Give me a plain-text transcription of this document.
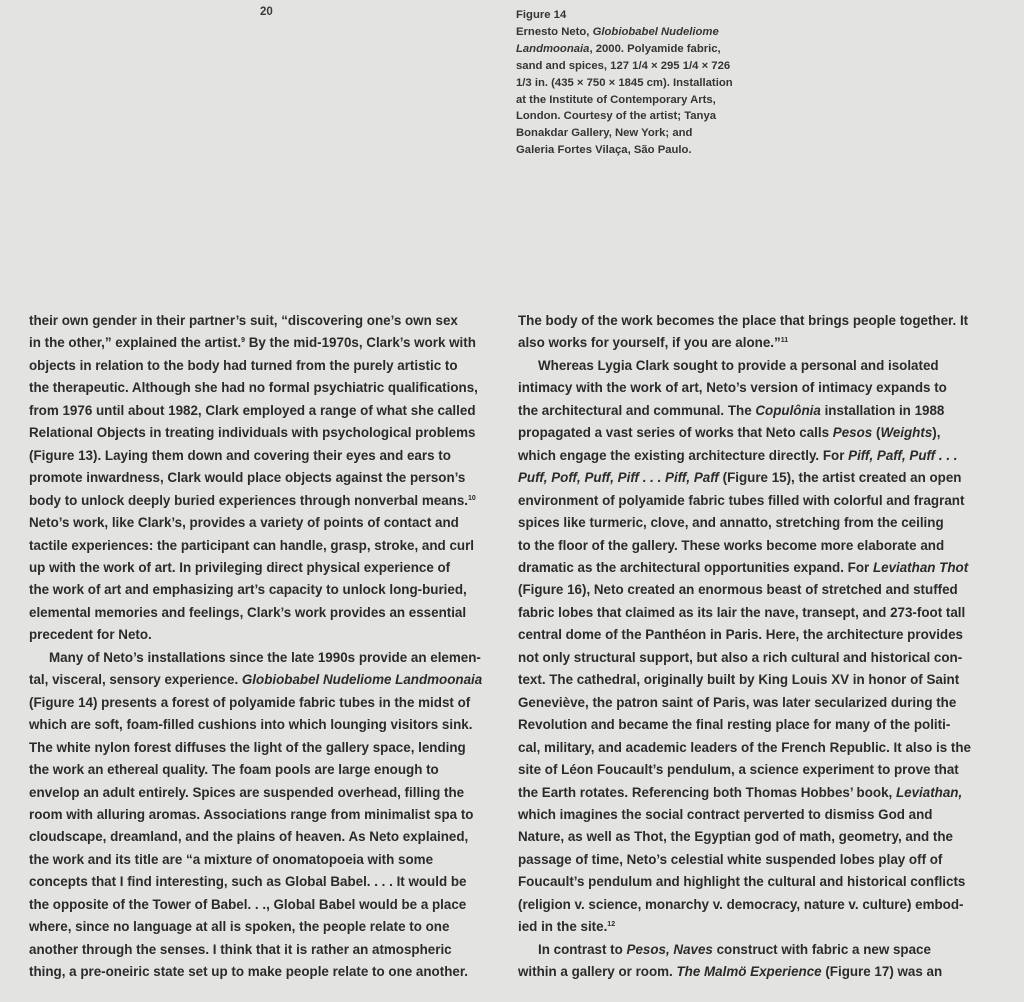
20	Figure 14
Ernesto Neto, Globiobabel Nudeliome
Landmoonaia, 2000. Polyamide fabric,
sand and spices, 127 1/4 × 295 1/4 × 726
1/3 in. (435 × 750 × 1845 cm). Installation
at the Institute of Contemporary Arts,
London. Courtesy of the artist; Tanya
Bonakdar Gallery, New York; and
Galeria Fortes Vilaça, São Paulo.
their own gender in their partner’s suit, “discovering one’s own sex
in the other,” explained the artist.$^9$ By the mid-1970s, Clark’s work with
objects in relation to the body had turned from the purely artistic to
the therapeutic. Although she had no formal psychiatric qualifications,
from 1976 until about 1982, Clark employed a range of what she called
Relational Objects in treating individuals with psychological problems
(Figure 13). Laying them down and covering their eyes and ears to
promote inwardness, Clark would place objects against the person’s
body to unlock deeply buried experiences through nonverbal means.$^{10}$
Neto’s work, like Clark’s, provides a variety of points of contact and
tactile experiences: the participant can handle, grasp, stroke, and curl
up with the work of art. In privileging direct physical experience of
the work of art and emphasizing art’s capacity to unlock long-buried,
elemental memories and feelings, Clark’s work provides an essential
precedent for Neto.
Many of Neto’s installations since the late 1990s provide an elemen-
tal, visceral, sensory experience. Globiobabel Nudeliome Landmoonaia
(Figure 14) presents a forest of polyamide fabric tubes in the midst of
which are soft, foam-filled cushions into which lounging visitors sink.
The white nylon forest diffuses the light of the gallery space, lending
the work an ethereal quality. The foam pools are large enough to
envelop an adult entirely. Spices are suspended overhead, filling the
room with alluring aromas. Associations range from minimalist spa to
cloudscape, dreamland, and the plains of heaven. As Neto explained,
the work and its title are “a mixture of onomatopoeia with some
concepts that I find interesting, such as Global Babel. . . . It would be
the opposite of the Tower of Babel. . ., Global Babel would be a place
where, since no language at all is spoken, the people relate to one
another through the senses. I think that it is rather an atmospheric
thing, a pre-oneiric state set up to make people relate to one another.
The body of the work becomes the place that brings people together. It
also works for yourself, if you are alone.”$^{11}$
Whereas Lygia Clark sought to provide a personal and isolated
intimacy with the work of art, Neto’s version of intimacy expands to
the architectural and communal. The Copulônia installation in 1988
propagated a vast series of works that Neto calls Pesos (Weights),
which engage the existing architecture directly. For Piff, Paff, Puff . . .
Puff, Poff, Puff, Piff . . . Piff, Paff (Figure 15), the artist created an open
environment of polyamide fabric tubes filled with colorful and fragrant
spices like turmeric, clove, and annatto, stretching from the ceiling
to the floor of the gallery. These works become more elaborate and
dramatic as the architectural opportunities expand. For Leviathan Thot
(Figure 16), Neto created an enormous beast of stretched and stuffed
fabric lobes that claimed as its lair the nave, transept, and 273-foot tall
central dome of the Panthéon in Paris. Here, the architecture provides
not only structural support, but also a rich cultural and historical con-
text. The cathedral, originally built by King Louis XV in honor of Saint
Geneviève, the patron saint of Paris, was later secularized during the
Revolution and became the final resting place for many of the politi-
cal, military, and academic leaders of the French Republic. It also is the
site of Léon Foucault’s pendulum, a science experiment to prove that
the Earth rotates. Referencing both Thomas Hobbes’ book, Leviathan,
which imagines the social contract perverted to dismiss God and
Nature, as well as Thot, the Egyptian god of math, geometry, and the
passage of time, Neto’s celestial white suspended lobes play off of
Foucault’s pendulum and highlight the cultural and historical conflicts
(religion v. science, monarchy v. democracy, nature v. culture) embod-
ied in the site.$^{12}$
In contrast to Pesos, Naves construct with fabric a new space
within a gallery or room. The Malmö Experience (Figure 17) was an
